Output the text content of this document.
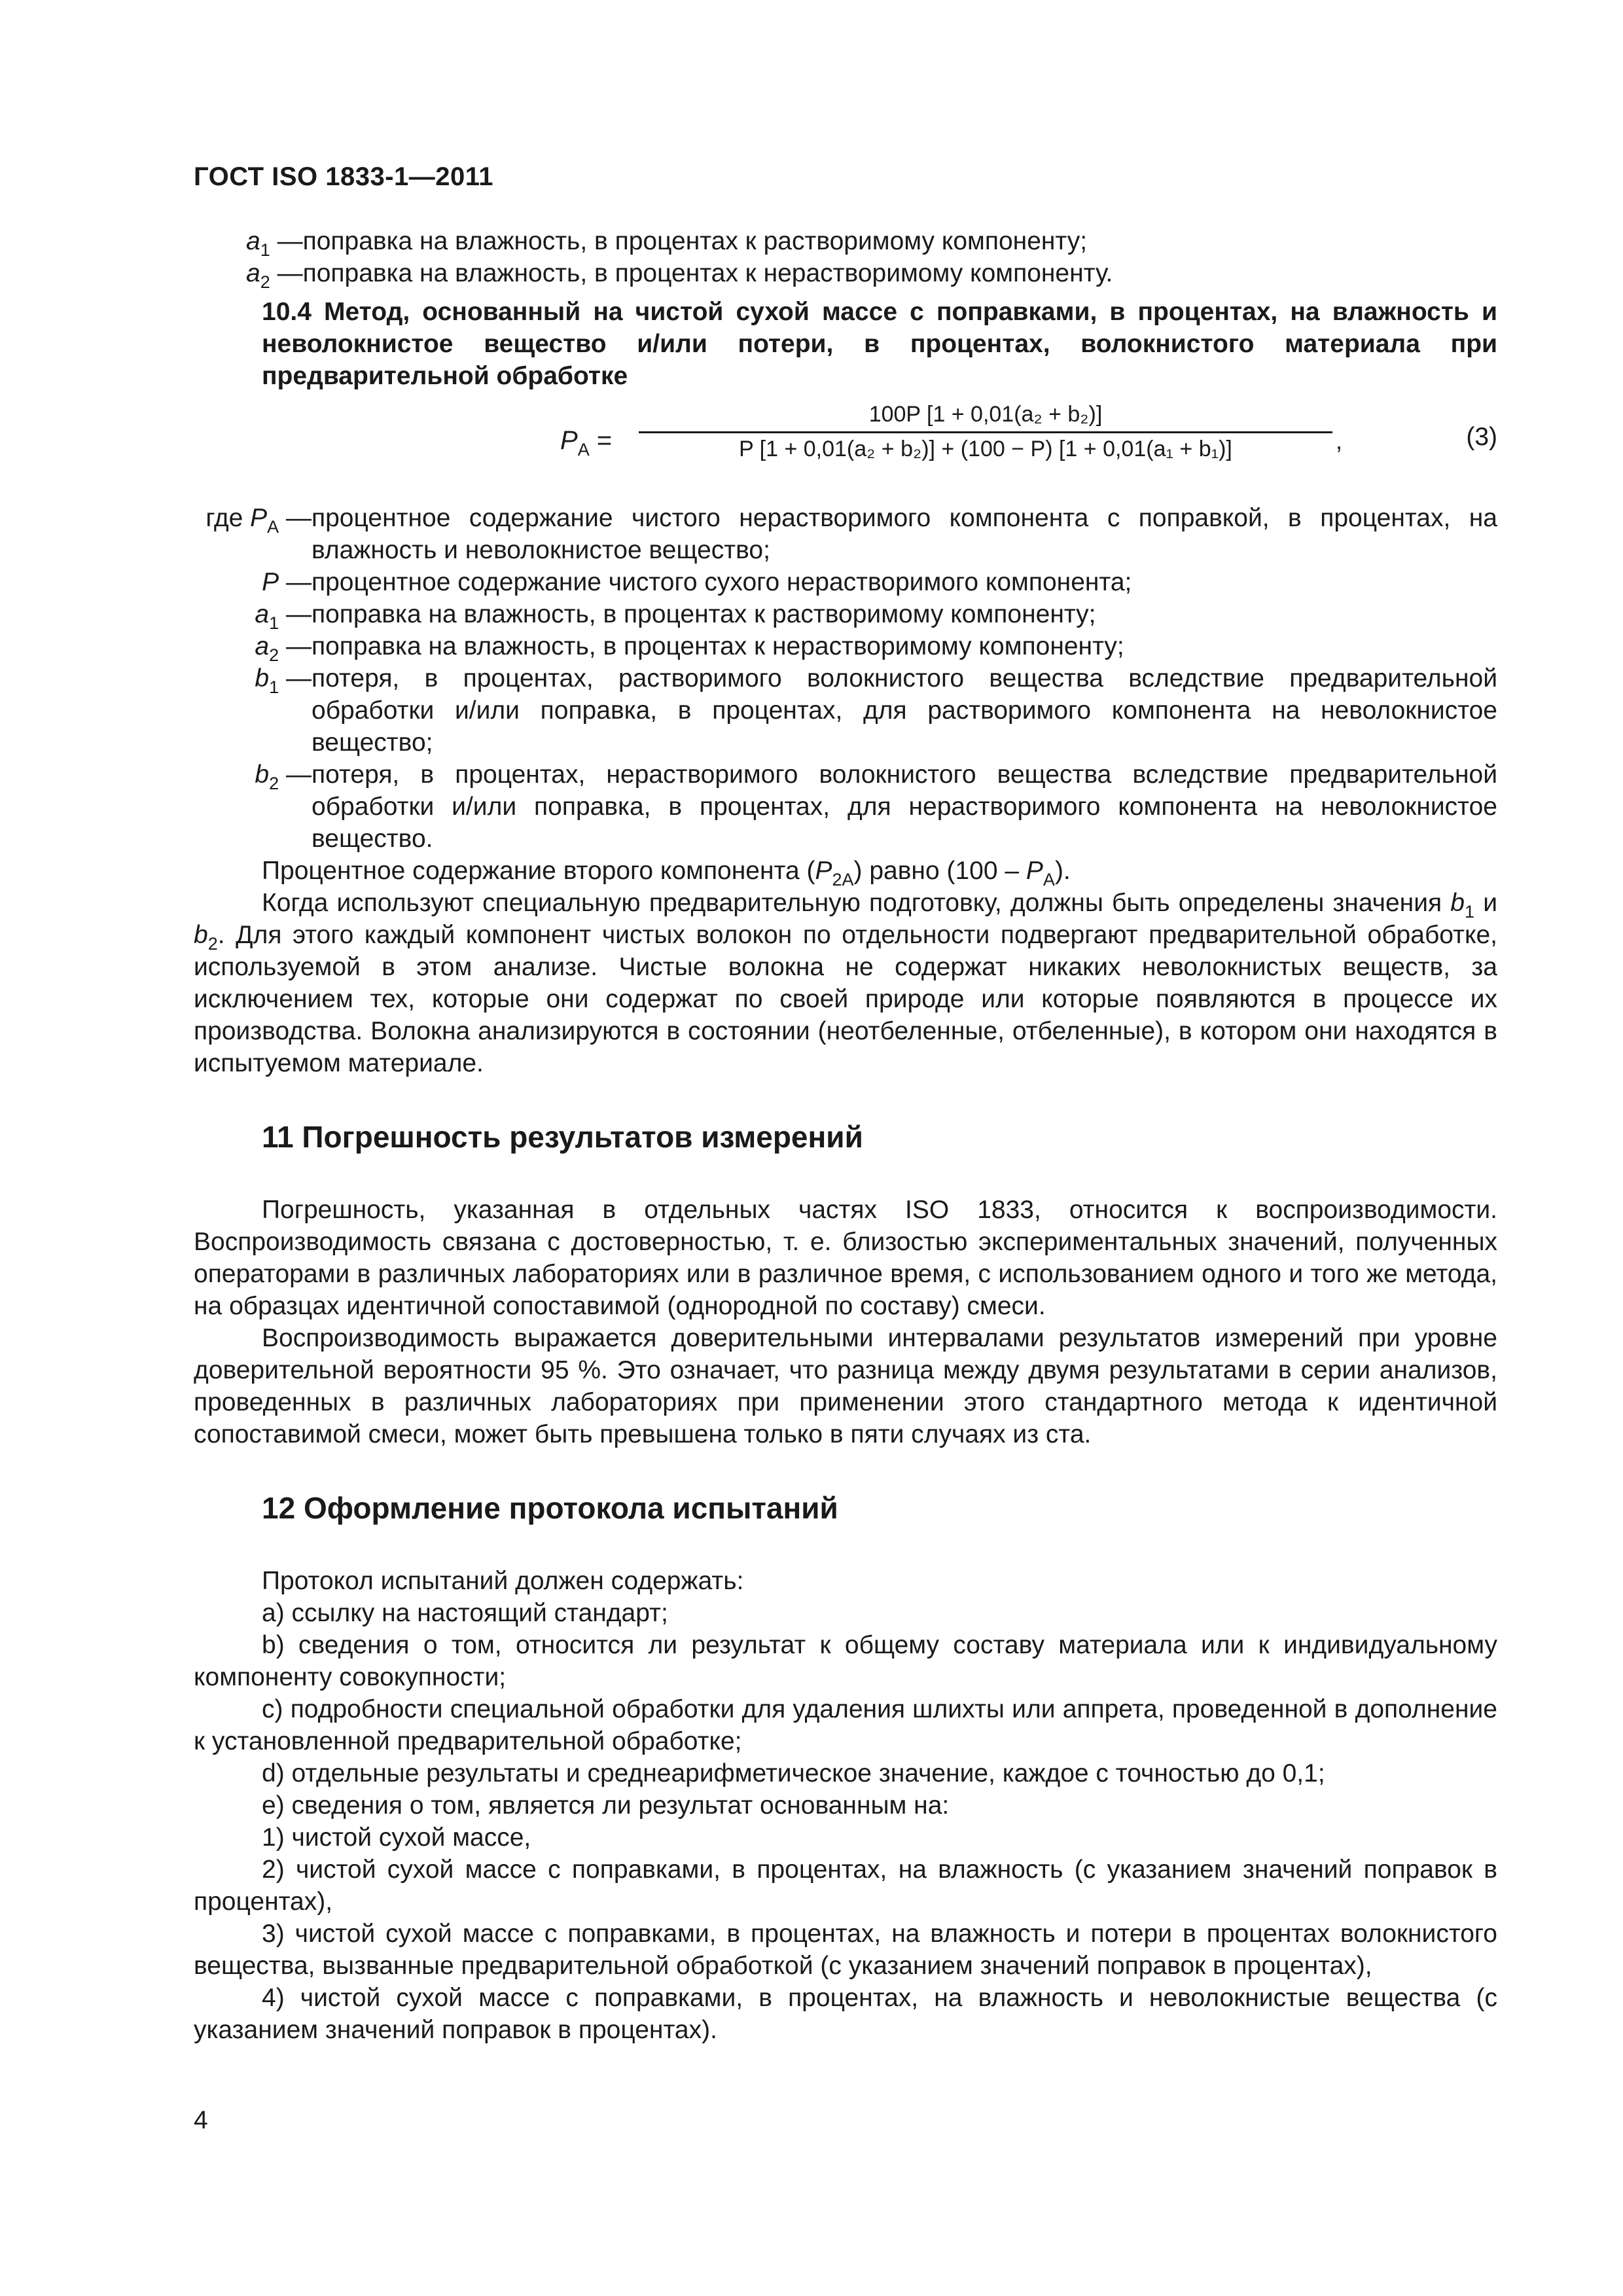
ГОСТ ISO 1833-1—2011
$a_1$ — поправка на влажность, в процентах к растворимому компоненту;
$a_2$ — поправка на влажность, в процентах к нерастворимому компоненту.

10.4 Метод, основанный на чистой сухой массе с поправками, в процентах, на влажность и неволокнистое вещество и/или потери, в процентах, волокнистого материала при предварительной обработке

$P_A$ =
100P [1 + 0,01(a₂ + b₂)]
P [1 + 0,01(a₂ + b₂)] + (100 − P) [1 + 0,01(a₁ + b₁)]	,	(3)
где $P_A$ — процентное содержание чистого нерастворимого компонента с поправкой, в процентах, на влажность и неволокнистое вещество;
P — процентное содержание чистого сухого нерастворимого компонента;
$a_1$ — поправка на влажность, в процентах к растворимому компоненту;
$a_2$ — поправка на влажность, в процентах к нерастворимому компоненту;
$b_1$ — потеря, в процентах, растворимого волокнистого вещества вследствие предварительной обработки и/или поправка, в процентах, для растворимого компонента на неволокнистое вещество;
$b_2$ — потеря, в процентах, нерастворимого волокнистого вещества вследствие предварительной обработки и/или поправка, в процентах, для нерастворимого компонента на неволокнистое вещество.

Процентное содержание второго компонента $(P_{2A})$ равно $(100 - P_A)$.

Когда используют специальную предварительную подготовку, должны быть определены значения $b_1$ и $b_2$. Для этого каждый компонент чистых волокон по отдельности подвергают предварительной обработке, используемой в этом анализе. Чистые волокна не содержат никаких неволокнистых веществ, за исключением тех, которые они содержат по своей природе или которые появляются в процессе их производства. Волокна анализируются в состоянии (неотбеленные, отбеленные), в котором они находятся в испытуемом материале.

11 Погрешность результатов измерений

Погрешность, указанная в отдельных частях ISO 1833, относится к воспроизводимости. Воспроизводимость связана с достоверностью, т. е. близостью экспериментальных значений, полученных операторами в различных лабораториях или в различное время, с использованием одного и того же метода, на образцах идентичной сопоставимой (однородной по составу) смеси.

Воспроизводимость выражается доверительными интервалами результатов измерений при уровне доверительной вероятности 95 %. Это означает, что разница между двумя результатами в серии анализов, проведенных в различных лабораториях при применении этого стандартного метода к идентичной сопоставимой смеси, может быть превышена только в пяти случаях из ста.

12 Оформление протокола испытаний

Протокол испытаний должен содержать:

a) ссылку на настоящий стандарт;

b) сведения о том, относится ли результат к общему составу материала или к индивидуальному компоненту совокупности;

c) подробности специальной обработки для удаления шлихты или аппрета, проведенной в дополнение к установленной предварительной обработке;

d) отдельные результаты и среднеарифметическое значение, каждое с точностью до 0,1;

e) сведения о том, является ли результат основанным на:

1) чистой сухой массе,

2) чистой сухой массе с поправками, в процентах, на влажность (с указанием значений поправок в процентах),

3) чистой сухой массе с поправками, в процентах, на влажность и потери в процентах волокнистого вещества, вызванные предварительной обработкой (с указанием значений поправок в процентах),

4) чистой сухой массе с поправками, в процентах, на влажность и неволокнистые вещества (с указанием значений поправок в процентах).

4
